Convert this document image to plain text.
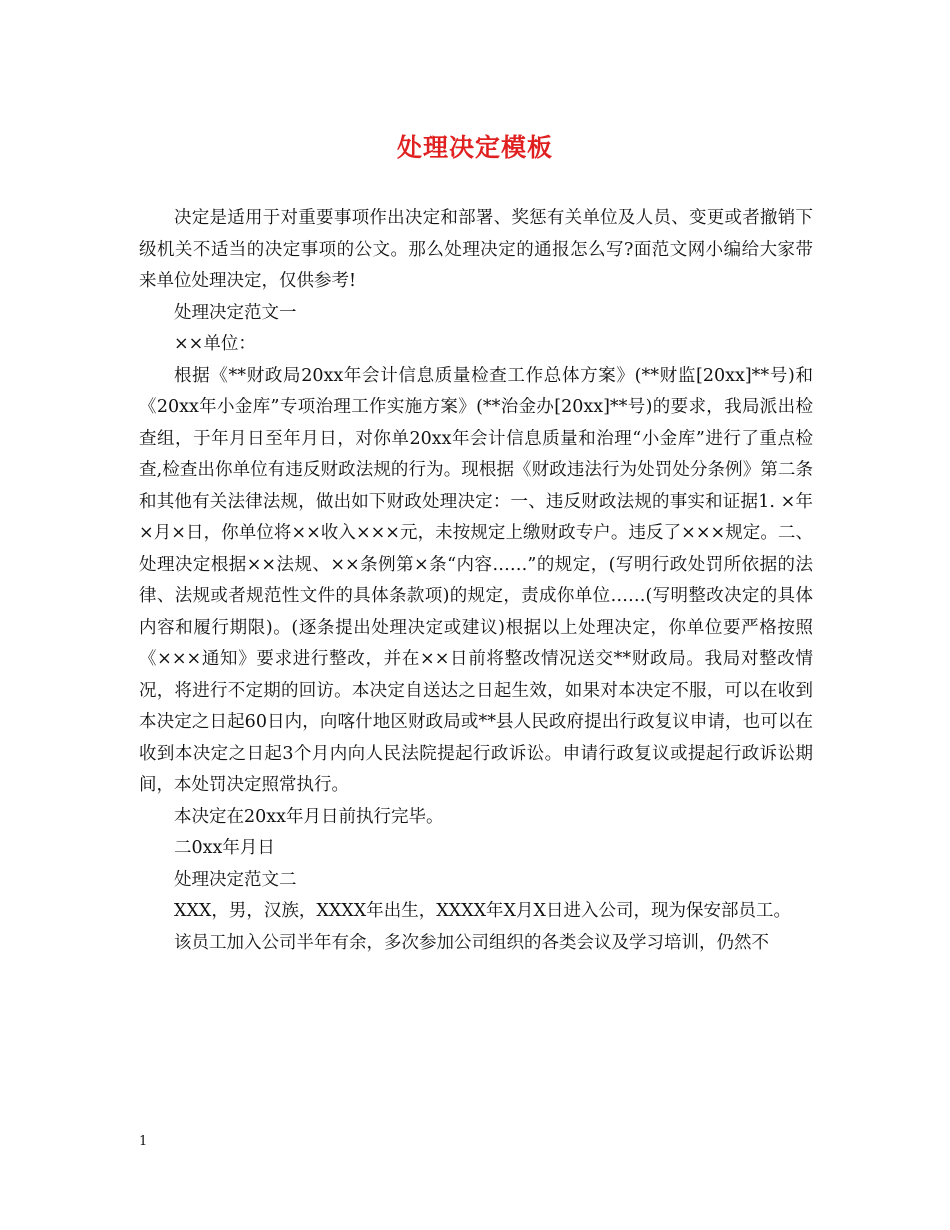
处理决定模板

决定是适用于对重要事项作出决定和部署、奖惩有关单位及人员、变更或者撤销下级机关不适当的决定事项的公文。那么处理决定的通报怎么写?面范文网小编给大家带来单位处理决定，仅供参考!

处理决定范文一

××单位：

根据《**财政局20xx年会计信息质量检查工作总体方案》(**财监[20xx]**号)和《20xx年小金库”专项治理工作实施方案》(**治金办[20xx]**号)的要求，我局派出检查组，于年月日至年月日，对你单20xx年会计信息质量和治理“小金库”进行了重点检查,检查出你单位有违反财政法规的行为。现根据《财政违法行为处罚处分条例》第二条和其他有关法律法规，做出如下财政处理决定：一、违反财政法规的事实和证据1. ×年×月×日，你单位将××收入×××元，未按规定上缴财政专户。违反了×××规定。二、处理决定根据××法规、××条例第×条“内容……”的规定，(写明行政处罚所依据的法律、法规或者规范性文件的具体条款项)的规定，责成你单位……(写明整改决定的具体内容和履行期限)。(逐条提出处理决定或建议)根据以上处理决定，你单位要严格按照《×××通知》要求进行整改，并在××日前将整改情况送交**财政局。我局对整改情况，将进行不定期的回访。本决定自送达之日起生效，如果对本决定不服，可以在收到本决定之日起60日内，向喀什地区财政局或**县人民政府提出行政复议申请，也可以在收到本决定之日起3个月内向人民法院提起行政诉讼。申请行政复议或提起行政诉讼期间，本处罚决定照常执行。

本决定在20xx年月日前执行完毕。

二0xx年月日

处理决定范文二

XXX，男，汉族，XXXX年出生，XXXX年X月X日进入公司，现为保安部员工。

该员工加入公司半年有余，多次参加公司组织的各类会议及学习培训，仍然不

1
